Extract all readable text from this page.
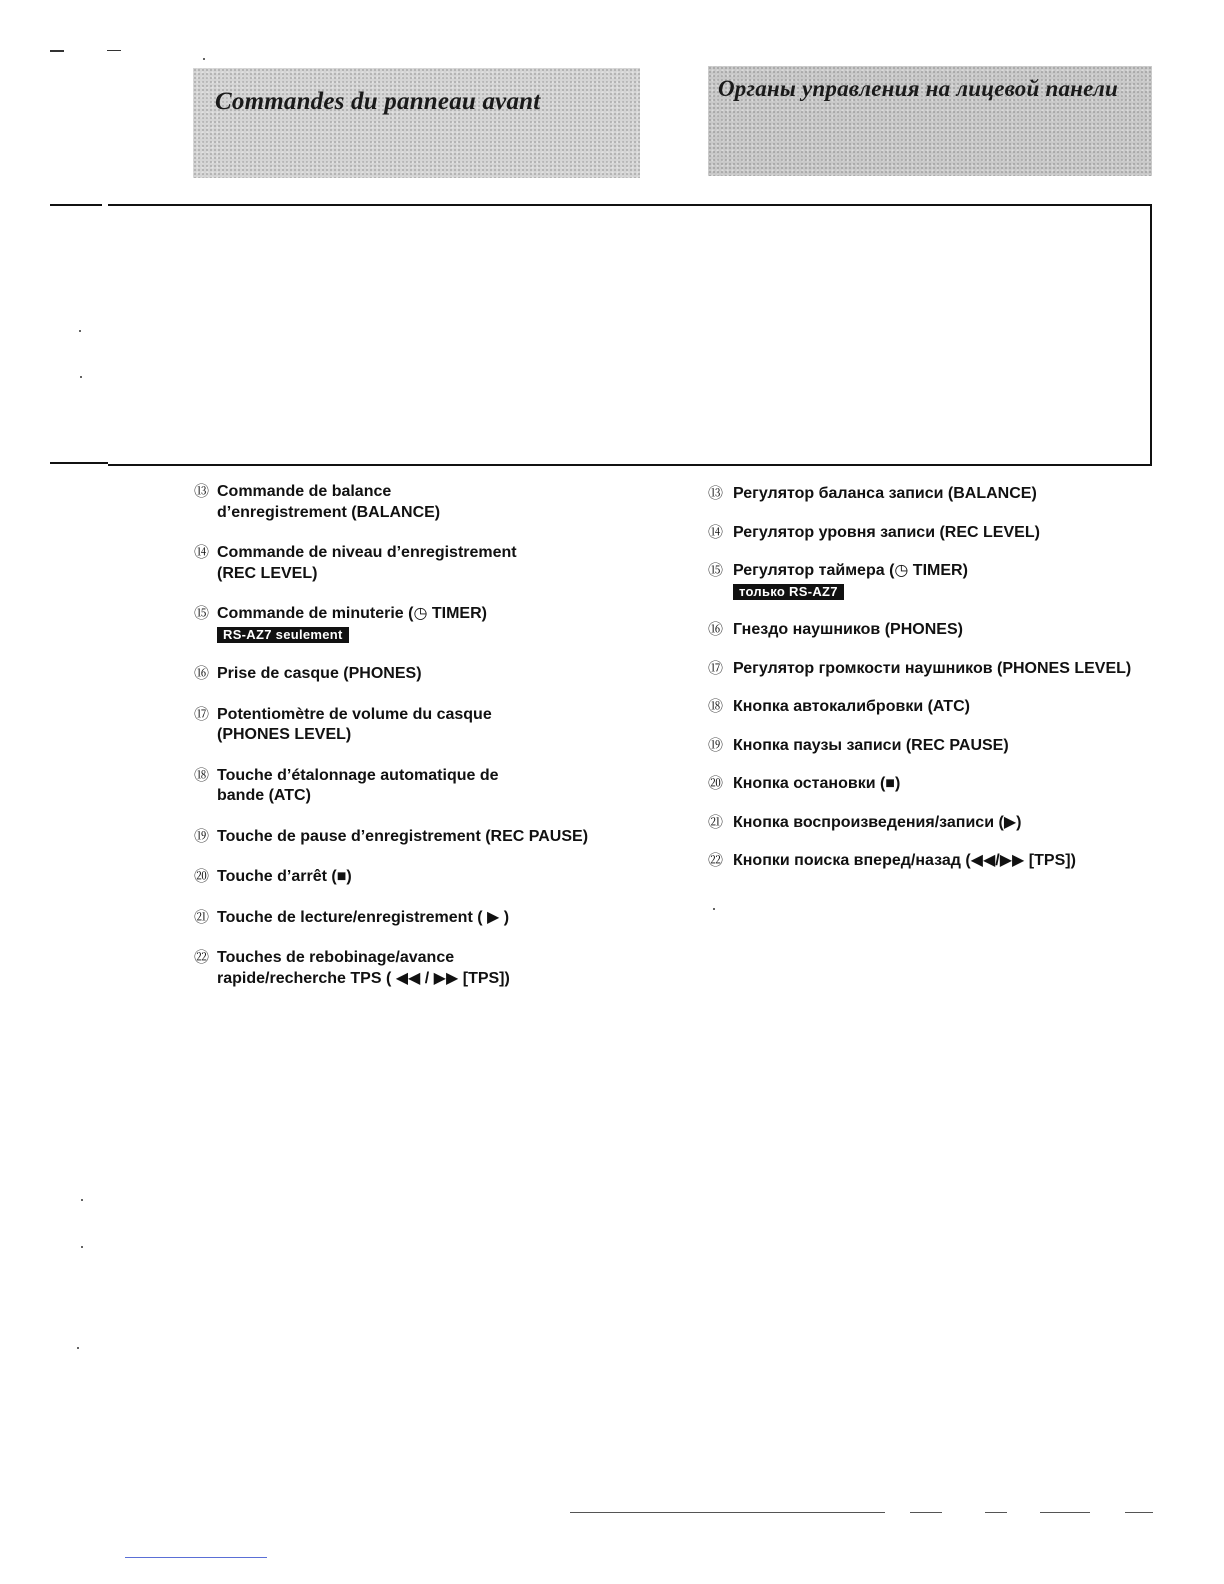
Commandes du panneau avant	Органы управления на лицевой панели
⑬ Commande de balance
d’enregistrement (BALANCE)
⑭ Commande de niveau d’enregistrement
(REC LEVEL)
⑮ Commande de minuterie (◷ TIMER)
RS-AZ7 seulement
⑯ Prise de casque (PHONES)
⑰ Potentiomètre de volume du casque
(PHONES LEVEL)
⑱ Touche d’étalonnage automatique de
bande (ATC)
⑲ Touche de pause d’enregistrement (REC PAUSE)
⑳ Touche d’arrêt (■)
㉑ Touche de lecture/enregistrement ( ▶ )
㉒ Touches de rebobinage/avance
rapide/recherche TPS ( ◀◀ / ▶▶ [TPS])
⑬ Регулятор баланса записи (BALANCE)
⑭ Регулятор уровня записи (REC LEVEL)
⑮ Регулятор таймера (◷ TIMER)
только RS-AZ7
⑯ Гнездо наушников (PHONES)
⑰ Регулятор громкости наушников (PHONES LEVEL)
⑱ Кнопка автокалибровки (ATC)
⑲ Кнопка паузы записи (REC PAUSE)
⑳ Кнопка остановки (■)
㉑ Кнопка воспроизведения/записи (▶)
㉒ Кнопки поиска вперед/назад (◀◀/▶▶ [TPS])
